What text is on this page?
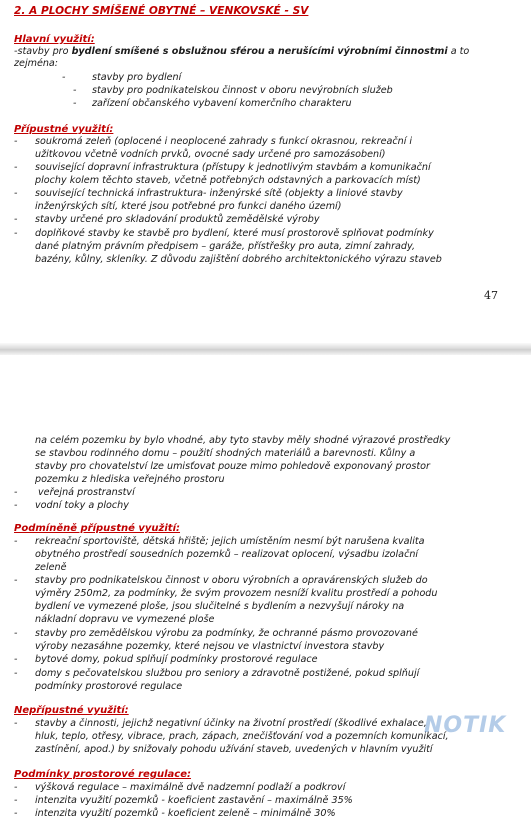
2. A PLOCHY SMÍŠENÉ OBYTNÉ – VENKOVSKÉ - SV
Hlavní využití:
-stavby pro bydlení smíšené s obslužnou sférou a nerušícími výrobními činnostmi a to
zejména:
-	stavby pro bydlení
- stavby pro podnikatelskou činnost v oboru nevýrobních služeb
- zařízení občanského vybavení komerčního charakteru
Přípustné využití:
- soukromá zeleň (oplocené i neoplocené zahrady s funkcí okrasnou, rekreační i
užitkovou včetně vodních prvků, ovocné sady určené pro samozásobení)
- související dopravní infrastruktura (přístupy k jednotlivým stavbám a komunikační
plochy kolem těchto staveb, včetně potřebných odstavných a parkovacích míst)
- související technická infrastruktura- inženýrské sítě (objekty a liniové stavby
inženýrských sítí, které jsou potřebné pro funkci daného území)
- stavby určené pro skladování produktů zemědělské výroby
- doplňkové stavby ke stavbě pro bydlení, které musí prostorově splňovat podmínky
dané platným právním předpisem – garáže, přístřešky pro auta, zimní zahrady,
bazény, kůlny, skleníky. Z důvodu zajištění dobrého architektonického výrazu staveb
47
na celém pozemku by bylo vhodné, aby tyto stavby měly shodné výrazové prostředky
se stavbou rodinného domu – použití shodných materiálů a barevnosti. Kůlny a
stavby pro chovatelství lze umisťovat pouze mimo pohledově exponovaný prostor
pozemku z hlediska veřejného prostoru
- veřejná prostranství
- vodní toky a plochy
Podmíněně přípustné využití:
- rekreační sportoviště, dětská hřiště; jejich umístěním nesmí být narušena kvalita
obytného prostředí sousedních pozemků – realizovat oplocení, výsadbu izolační
zeleně
- stavby pro podnikatelskou činnost v oboru výrobních a opravárenských služeb do
výměry 250m2, za podmínky, že svým provozem nesníží kvalitu prostředí a pohodu
bydlení ve vymezené ploše, jsou slučitelné s bydlením a nezvyšují nároky na
nákladní dopravu ve vymezené ploše
- stavby pro zemědělskou výrobu za podmínky, že ochranné pásmo provozované
výroby nezasáhne pozemky, které nejsou ve vlastnictví investora stavby
- bytové domy, pokud splňují podmínky prostorové regulace
- domy s pečovatelskou službou pro seniory a zdravotně postižené, pokud splňují
podmínky prostorové regulace
Nepřípustné využití:
- stavby a činnosti, jejichž negativní účinky na životní prostředí (škodlivé exhalace,
hluk, teplo, otřesy, vibrace, prach, zápach, znečišťování vod a pozemních komunikací,
zastínění, apod.) by snižovaly pohodu užívání staveb, uvedených v hlavním využití
NOTIK
Podmínky prostorové regulace:
- výšková regulace – maximálně dvě nadzemní podlaží a podkroví
- intenzita využití pozemků - koeficient zastavění – maximálně 35%
- intenzita využití pozemků - koeficient zeleně – minimálně 30%
